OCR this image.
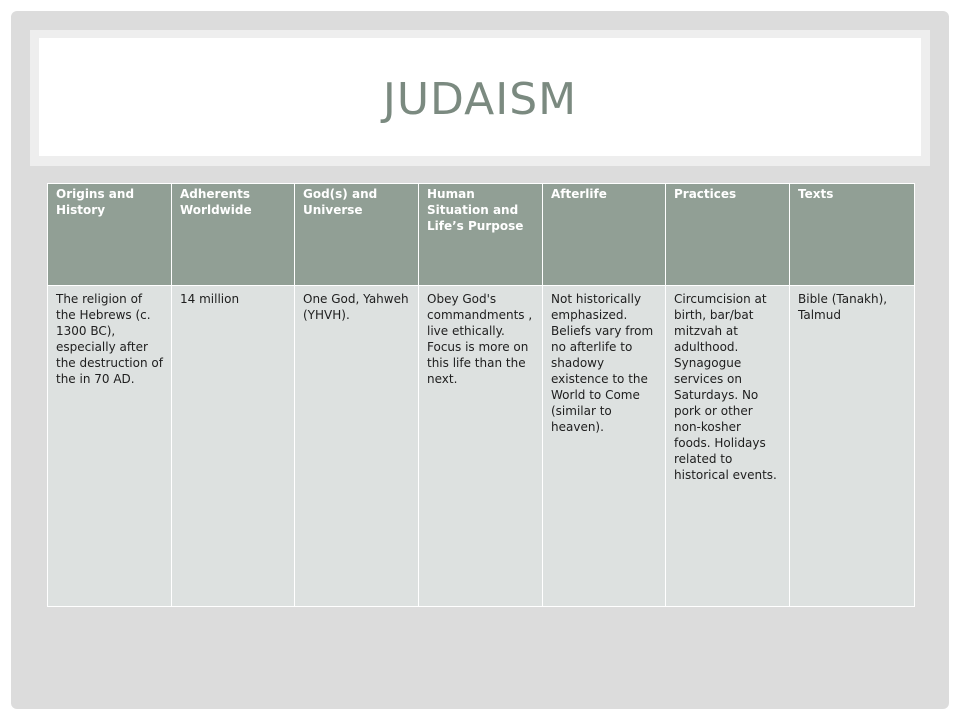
JUDAISM
Origins and History	Adherents Worldwide	God(s) and Universe	Human Situation and Life’s Purpose	Afterlife	Practices	Texts
The religion of the Hebrews (c. 1300 BC), especially after the destruction of the in 70 AD.	14 million	One God, Yahweh (YHVH).	Obey God's commandments , live ethically. Focus is more on this life than the next.	Not historically emphasized. Beliefs vary from no afterlife to shadowy existence to the World to Come (similar to heaven).	Circumcision at birth, bar/bat mitzvah at adulthood. Synagogue services on Saturdays. No pork or other non-kosher foods. Holidays related to historical events.	Bible (Tanakh), Talmud
